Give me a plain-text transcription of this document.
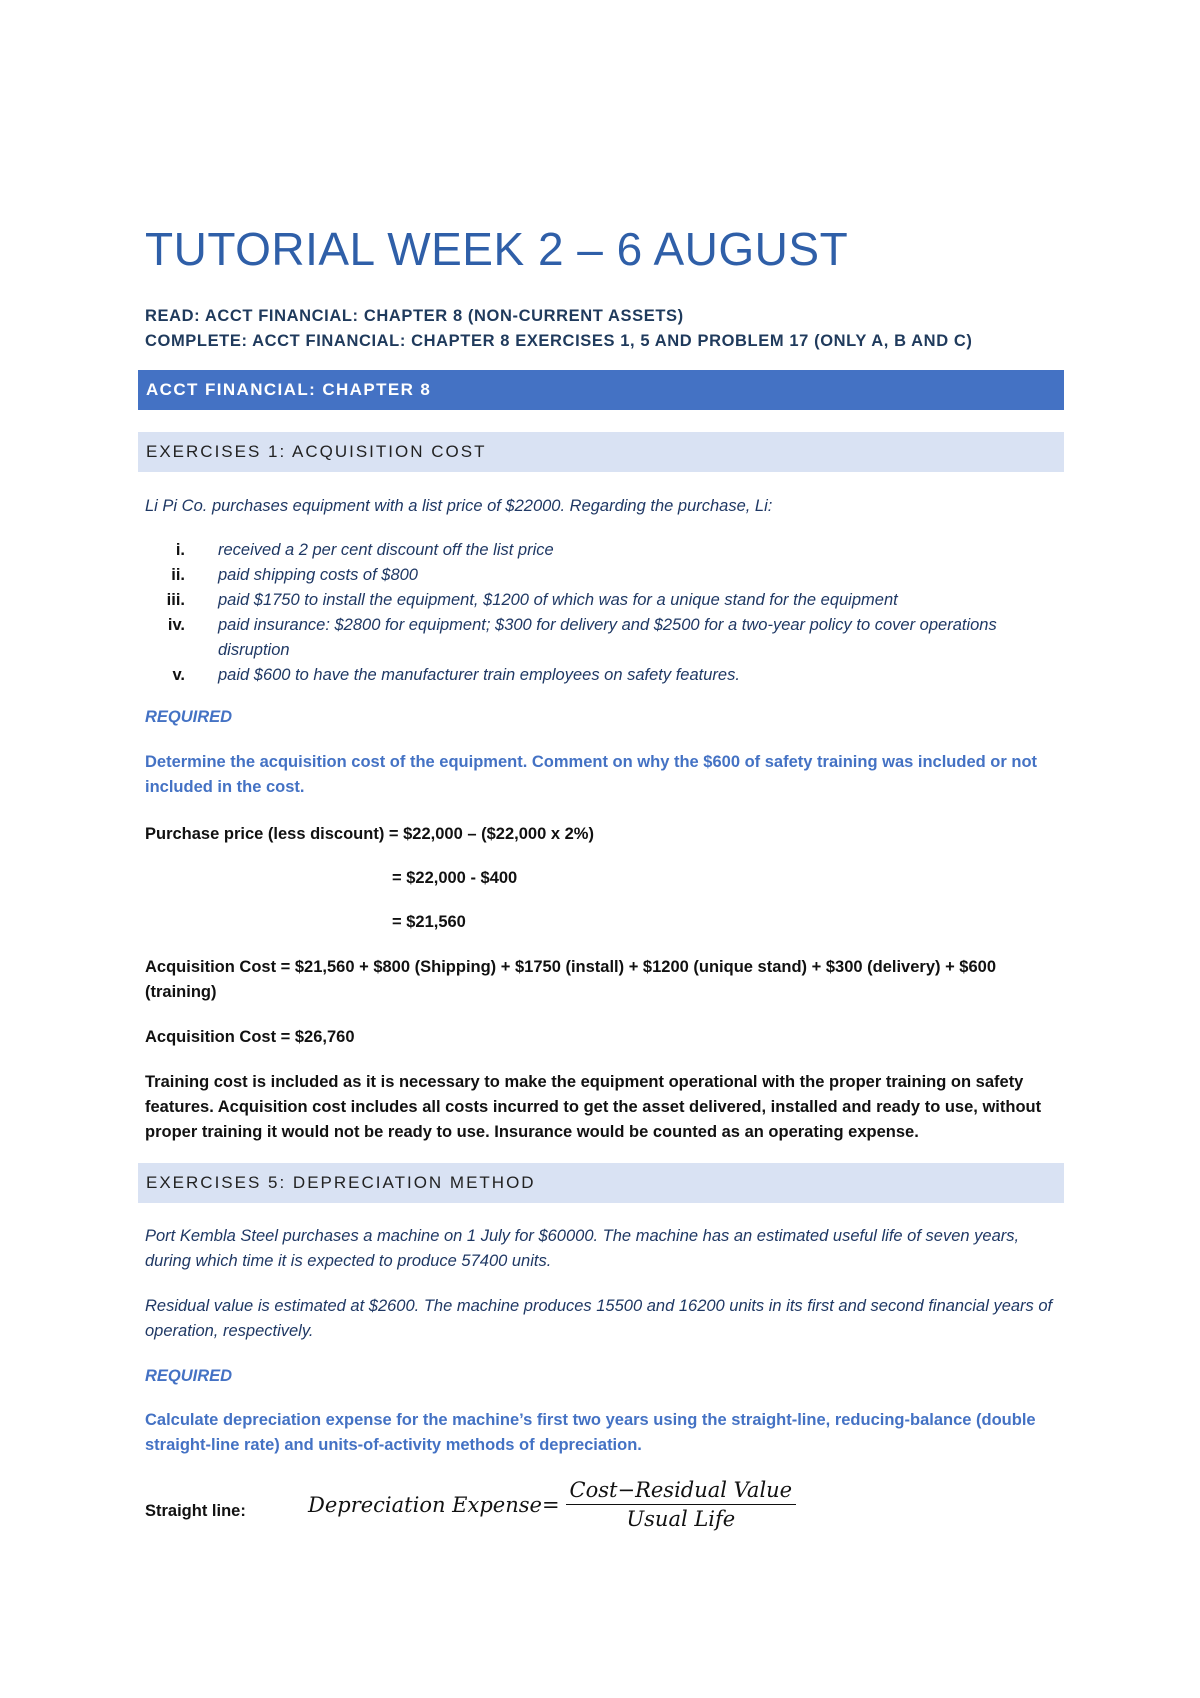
TUTORIAL WEEK 2 – 6 AUGUST

READ: ACCT FINANCIAL: CHAPTER 8 (NON-CURRENT ASSETS)

COMPLETE: ACCT FINANCIAL: CHAPTER 8 EXERCISES 1, 5 AND PROBLEM 17 (ONLY A, B AND C)

ACCT FINANCIAL: CHAPTER 8
EXERCISES 1: ACQUISITION COST

Li Pi Co. purchases equipment with a list price of $22000. Regarding the purchase, Li:

i. received a 2 per cent discount off the list price
ii. paid shipping costs of $800
iii. paid $1750 to install the equipment, $1200 of which was for a unique stand for the equipment
iv. paid insurance: $2800 for equipment; $300 for delivery and $2500 for a two-year policy to cover operations disruption
v. paid $600 to have the manufacturer train employees on safety features.

REQUIRED

Determine the acquisition cost of the equipment. Comment on why the $600 of safety training was included or not included in the cost.

Purchase price (less discount) = $22,000 – ($22,000 x 2%)

= $22,000 - $400

= $21,560

Acquisition Cost = $21,560 + $800 (Shipping) + $1750 (install) + $1200 (unique stand) + $300 (delivery) + $600 (training)

Acquisition Cost = $26,760

Training cost is included as it is necessary to make the equipment operational with the proper training on safety features. Acquisition cost includes all costs incurred to get the asset delivered, installed and ready to use, without proper training it would not be ready to use. Insurance would be counted as an operating expense.

EXERCISES 5: DEPRECIATION METHOD

Port Kembla Steel purchases a machine on 1 July for $60000. The machine has an estimated useful life of seven years, during which time it is expected to produce 57400 units.

Residual value is estimated at $2600. The machine produces 15500 and 16200 units in its first and second financial years of operation, respectively.

REQUIRED

Calculate depreciation expense for the machine’s first two years using the straight-line, reducing-balance (double straight-line rate) and units-of-activity methods of depreciation.

Straight line:	Depreciation Expense= $\frac{\text{Cost−Residual Value}}{\text{Usual Life}}$
